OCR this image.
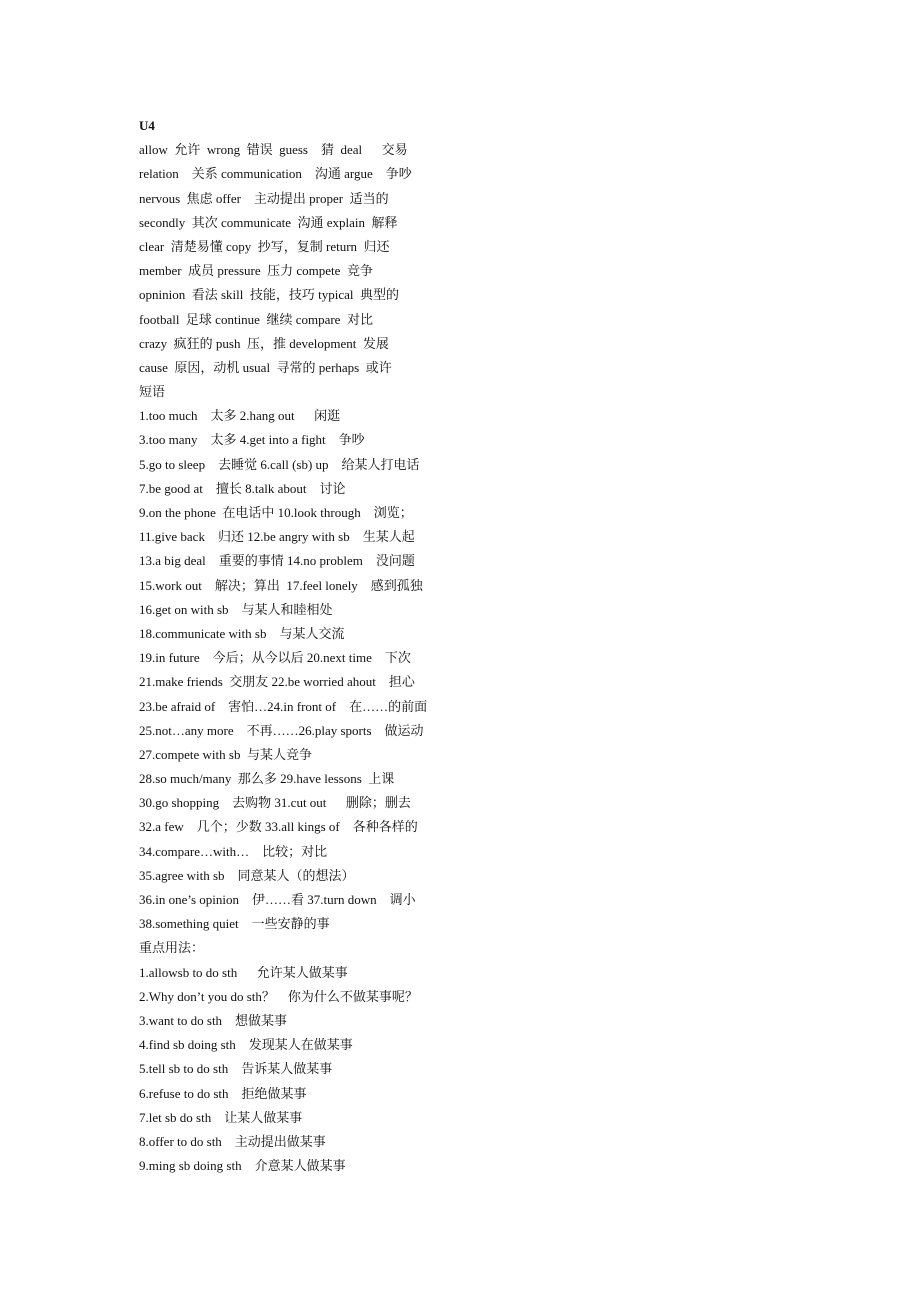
U4
allow  允许  wrong  错误  guess    猜  deal      交易
relation    关系 communication    沟通 argue    争吵
nervous  焦虑 offer    主动提出 proper  适当的
secondly  其次 communicate  沟通 explain  解释
clear  清楚易懂 copy  抄写，复制 return  归还
member  成员 pressure  压力 compete  竞争
opninion  看法 skill  技能，技巧 typical  典型的
football  足球 continue  继续 compare  对比
crazy  疯狂的 push  压，推 development  发展
cause  原因，动机 usual  寻常的 perhaps  或许
短语
1.too much    太多 2.hang out      闲逛
3.too many    太多 4.get into a fight    争吵
5.go to sleep    去睡觉 6.call (sb) up    给某人打电话
7.be good at    擅长 8.talk about    讨论
9.on the phone  在电话中 10.look through    浏览；
11.give back    归还 12.be angry with sb    生某人起
13.a big deal    重要的事情 14.no problem    没问题
15.work out    解决；算出  17.feel lonely    感到孤独
16.get on with sb    与某人和睦相处
18.communicate with sb    与某人交流
19.in future    今后；从今以后 20.next time    下次
21.make friends  交朋友 22.be worried ahout    担心
23.be afraid of    害怕…24.in front of    在……的前面
25.not…any more    不再……26.play sports    做运动
27.compete with sb  与某人竞争
28.so much/many  那么多 29.have lessons  上课
30.go shopping    去购物 31.cut out      删除；删去
32.a few    几个；少数 33.all kings of    各种各样的
34.compare…with…    比较；对比
35.agree with sb    同意某人（的想法）
36.in one’s opinion    伊……看 37.turn down    调小
38.something quiet    一些安静的事
重点用法：
1.allowsb to do sth      允许某人做某事
2.Why don’t you do sth？    你为什么不做某事呢？
3.want to do sth    想做某事
4.find sb doing sth    发现某人在做某事
5.tell sb to do sth    告诉某人做某事
6.refuse to do sth    拒绝做某事
7.let sb do sth    让某人做某事
8.offer to do sth    主动提出做某事
9.ming sb doing sth    介意某人做某事
